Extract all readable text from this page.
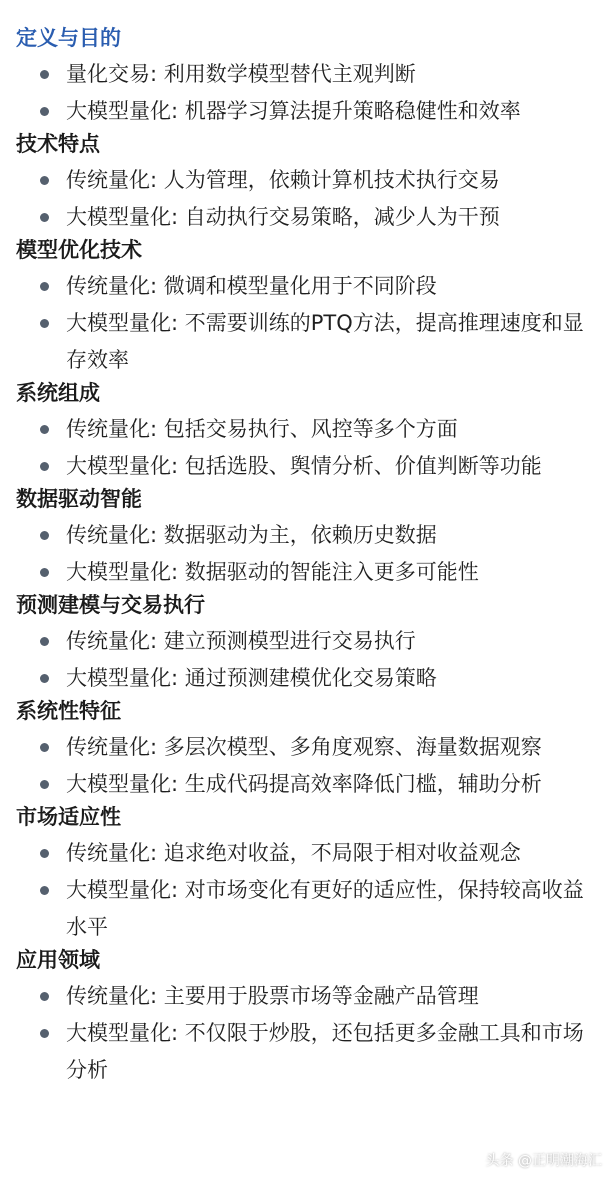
定义与目的
量化交易: 利用数学模型替代主观判断
大模型量化: 机器学习算法提升策略稳健性和效率
技术特点
传统量化: 人为管理，依赖计算机技术执行交易
大模型量化: 自动执行交易策略，减少人为干预
模型优化技术
传统量化: 微调和模型量化用于不同阶段
大模型量化: 不需要训练的PTQ方法，提高推理速度和显存效率
系统组成
传统量化: 包括交易执行、风控等多个方面
大模型量化: 包括选股、舆情分析、价值判断等功能
数据驱动智能
传统量化: 数据驱动为主，依赖历史数据
大模型量化: 数据驱动的智能注入更多可能性
预测建模与交易执行
传统量化: 建立预测模型进行交易执行
大模型量化: 通过预测建模优化交易策略
系统性特征
传统量化: 多层次模型、多角度观察、海量数据观察
大模型量化: 生成代码提高效率降低门槛，辅助分析
市场适应性
传统量化: 追求绝对收益，不局限于相对收益观念
大模型量化: 对市场变化有更好的适应性，保持较高收益水平
应用领域
传统量化: 主要用于股票市场等金融产品管理
大模型量化: 不仅限于炒股，还包括更多金融工具和市场分析
头条 @正明潮海汇
